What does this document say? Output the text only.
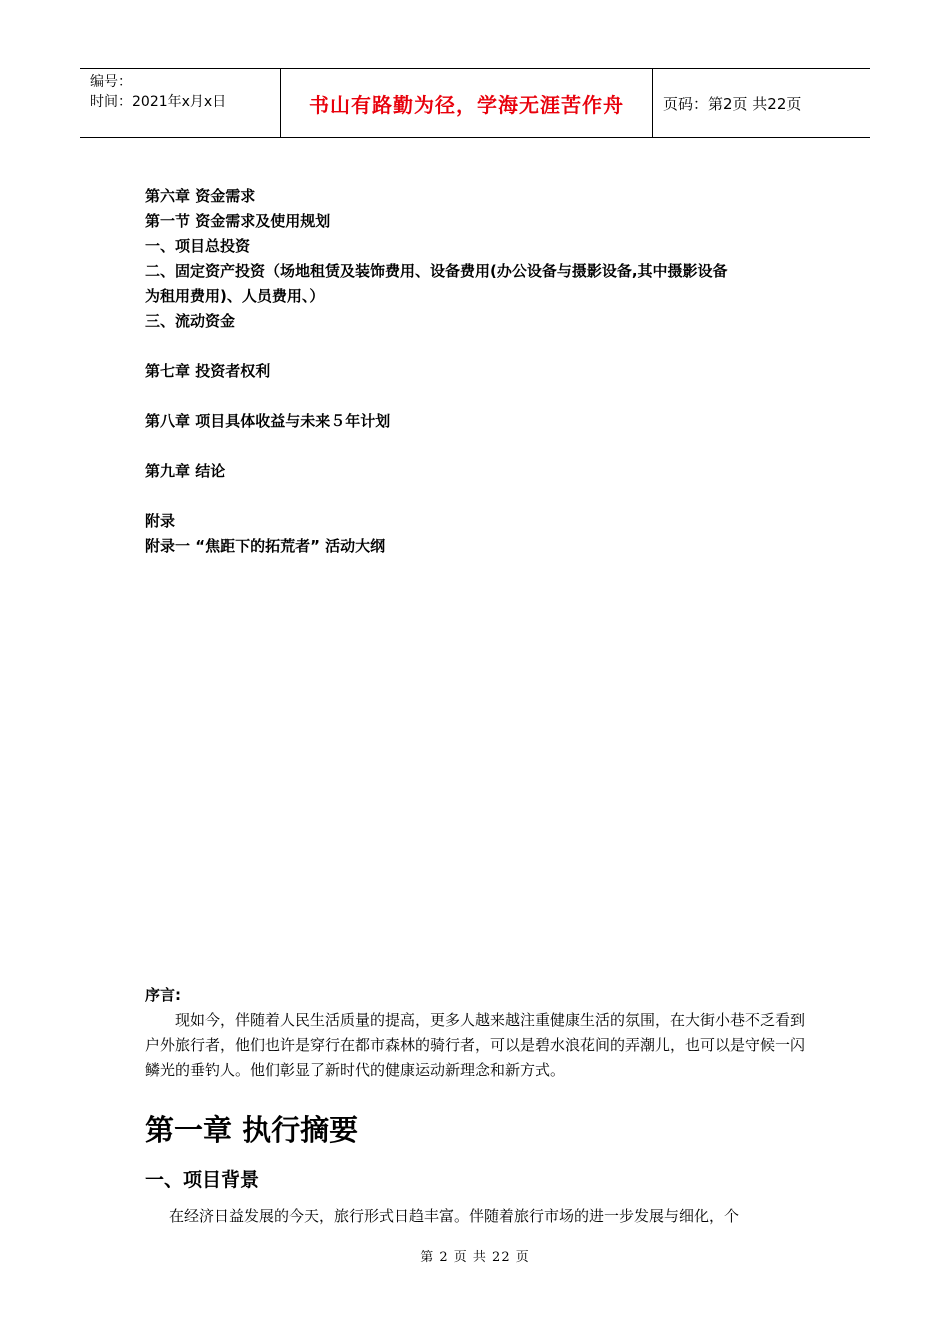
编号：
时间：2021年x月x日	书山有路勤为径，学海无涯苦作舟	页码：第2页 共22页
第六章 资金需求
第一节 资金需求及使用规划
一、项目总投资
二、固定资产投资（场地租赁及装饰费用、设备费用(办公设备与摄影设备,其中摄影设备
为租用费用)、人员费用、）
三、流动资金
第七章 投资者权利
第八章 项目具体收益与未来５年计划
第九章 结论
附录
附录一 “焦距下的拓荒者” 活动大纲
序言:
现如今，伴随着人民生活质量的提高，更多人越来越注重健康生活的氛围，在大街小巷不乏看到户外旅行者，他们也许是穿行在都市森林的骑行者，可以是碧水浪花间的弄潮儿，也可以是守候一闪鳞光的垂钓人。他们彰显了新时代的健康运动新理念和新方式。
第一章 执行摘要
一、项目背景
在经济日益发展的今天，旅行形式日趋丰富。伴随着旅行市场的进一步发展与细化，个
第 2 页 共 22 页
